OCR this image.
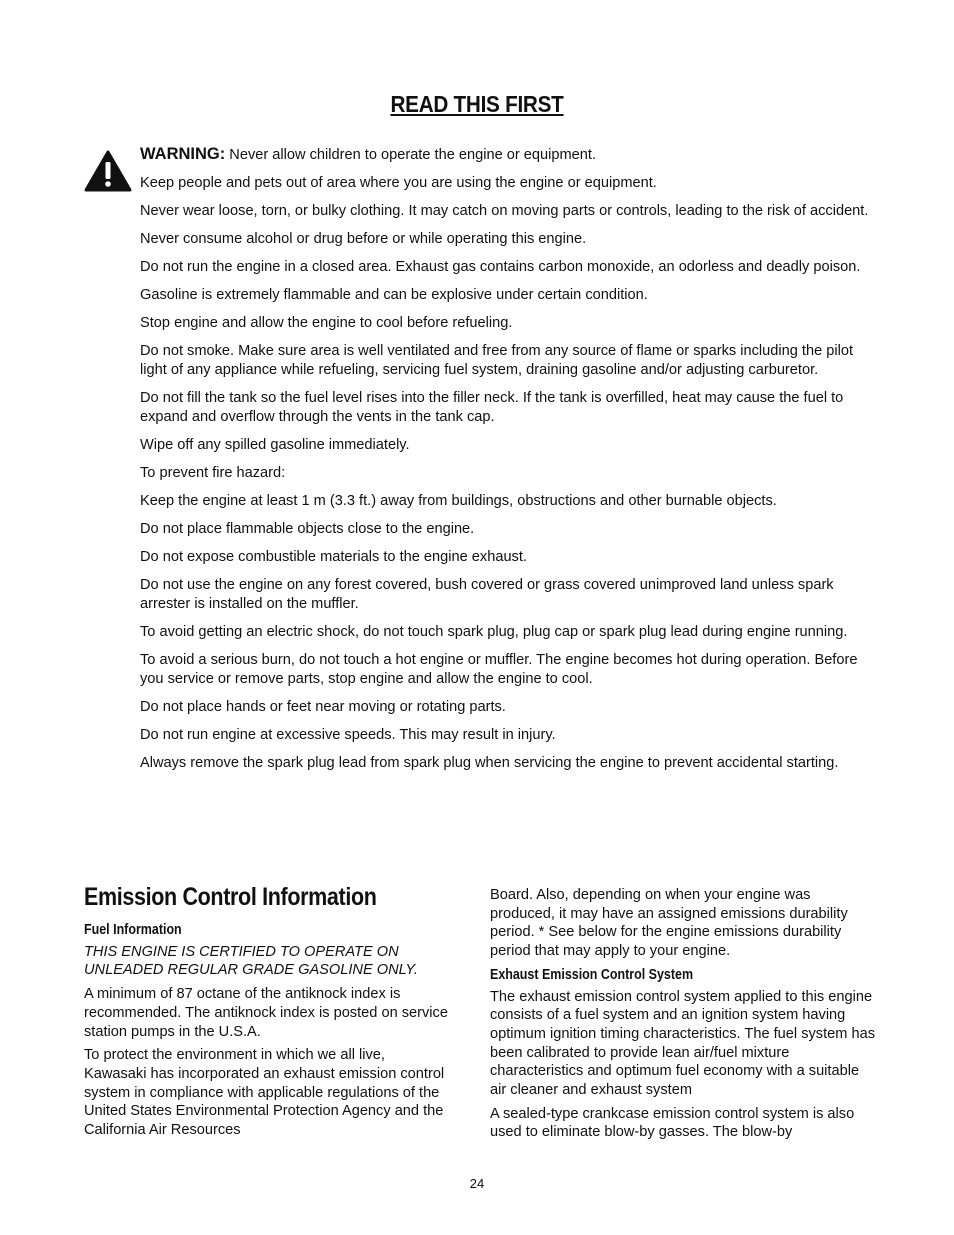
READ THIS FIRST

WARNING: Never allow children to operate the engine or equipment.

Keep people and pets out of area where you are using the engine or equipment.

Never wear loose, torn, or bulky clothing. It may catch on moving parts or controls, leading to the risk of accident.

Never consume alcohol or drug before or while operating this engine.

Do not run the engine in a closed area. Exhaust gas contains carbon monoxide, an odorless and deadly poison.

Gasoline is extremely flammable and can be explosive under certain condition.

Stop engine and allow the engine to cool before refueling.

Do not smoke. Make sure area is well ventilated and free from any source of flame or sparks including the pilot light of any appliance while refueling, servicing fuel system, draining gasoline and/or adjusting carburetor.

Do not fill the tank so the fuel level rises into the filler neck. If the tank is overfilled, heat may cause the fuel to expand and overflow through the vents in the tank cap.

Wipe off any spilled gasoline immediately.

To prevent fire hazard:

Keep the engine at least 1 m (3.3 ft.) away from buildings, obstructions and other burnable objects.

Do not place flammable objects close to the engine.

Do not expose combustible materials to the engine exhaust.

Do not use the engine on any forest covered, bush covered or grass covered unimproved land unless spark arrester is installed on the muffler.

To avoid getting an electric shock, do not touch spark plug, plug cap or spark plug lead during engine running.

To avoid a serious burn, do not touch a hot engine or muffler. The engine becomes hot during operation. Before you service or remove parts, stop engine and allow the engine to cool.

Do not place hands or feet near moving or rotating parts.

Do not run engine at excessive speeds. This may result in injury.

Always remove the spark plug lead from spark plug when servicing the engine to prevent accidental starting.

Emission Control Information
Fuel Information

THIS ENGINE IS CERTIFIED TO OPERATE ON UNLEADED REGULAR GRADE GASOLINE ONLY.

A minimum of 87 octane of the antiknock index is recommended. The antiknock index is posted on service station pumps in the U.S.A.

To protect the environment in which we all live, Kawasaki has incorporated an exhaust emission control system in compliance with applicable regulations of the United States Environmental Protection Agency and the California Air Resources

Board. Also, depending on when your engine was produced, it may have an assigned emissions durability period. * See below for the engine emissions durability period that may apply to your engine.

Exhaust Emission Control System

The exhaust emission control system applied to this engine consists of a fuel system and an ignition system having optimum ignition timing characteristics. The fuel system has been calibrated to provide lean air/fuel mixture characteristics and optimum fuel economy with a suitable air cleaner and exhaust system

A sealed-type crankcase emission control system is also used to eliminate blow-by gasses. The blow-by

24
